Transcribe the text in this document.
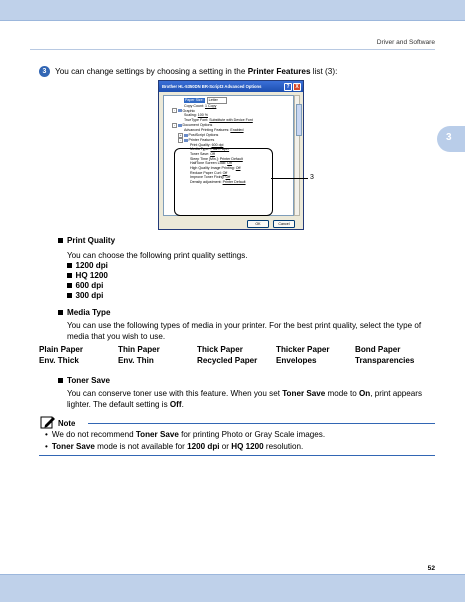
Driver and Software
3
3	You can change settings by choosing a setting in the Printer Features list (3):
Brother HL-5350DN BR-Script3 Advanced Options	?	X
Paper Size:	Letter
Copy Count: 1 Copy
-	Graphic
Scaling: 100 %
TrueType Font: Substitute with Device Font
-	Document Options
Advanced Printing Features: Enabled
+	PostScript Options
-	Printer Features
Print Quality: 600 dpi
Media Type: Plain Paper
Toner Save: Off
Sleep Time [Min.]: Printer Default
HalfTone Screen Lock: On
High Quality Image Printing: Off
Reduce Paper Curl: Off
Improve Toner Fixing: Off
Density adjustment: Printer Default
OK	Cancel
3
Print Quality
You can choose the following print quality settings.
1200 dpi
HQ 1200
600 dpi
300 dpi
Media Type
You can use the following types of media in your printer. For the best print quality, select the type of media that you wish to use.
Plain Paper	Thin Paper	Thick Paper	Thicker Paper	Bond Paper
Env. Thick	Env. Thin	Recycled Paper	Envelopes	Transparencies
Toner Save
You can conserve toner use with this feature. When you set Toner Save mode to On, print appears lighter. The default setting is Off.
Note
• We do not recommend Toner Save for printing Photo or Gray Scale images.
• Toner Save mode is not available for 1200 dpi or HQ 1200 resolution.
52
